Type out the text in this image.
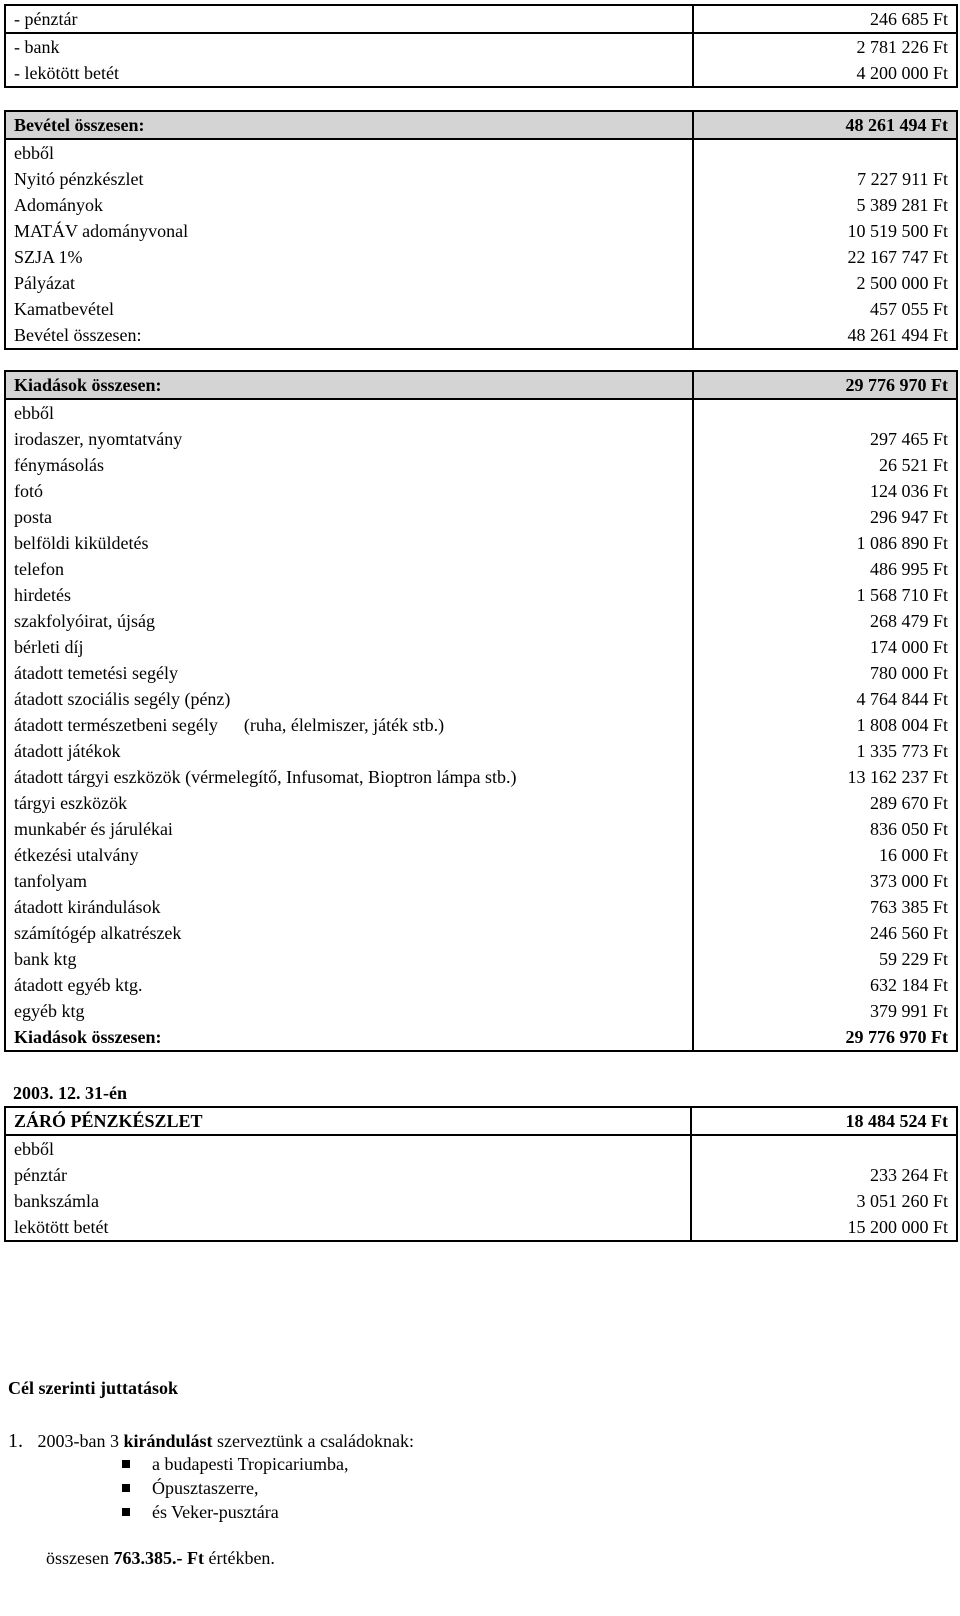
- pénztár	246 685 Ft
- bank	2 781 226 Ft
- lekötött betét	4 200 000 Ft
Bevétel összesen:	48 261 494 Ft
ebből	
Nyitó pénzkészlet	7 227 911 Ft
Adományok	5 389 281 Ft
MATÁV adományvonal	10 519 500 Ft
SZJA 1%	22 167 747 Ft
Pályázat	2 500 000 Ft
Kamatbevétel	457 055 Ft
Bevétel összesen:	48 261 494 Ft
Kiadások összesen:	29 776 970 Ft
ebből	
irodaszer, nyomtatvány	297 465 Ft
fénymásolás	26 521 Ft
fotó	124 036 Ft
posta	296 947 Ft
belföldi kiküldetés	1 086 890 Ft
telefon	486 995 Ft
hirdetés	1 568 710 Ft
szakfolyóirat, újság	268 479 Ft
bérleti díj	174 000 Ft
átadott temetési segély	780 000 Ft
átadott szociális segély (pénz)	4 764 844 Ft
átadott természetbeni segély (ruha, élelmiszer, játék stb.)	1 808 004 Ft
átadott játékok	1 335 773 Ft
átadott tárgyi eszközök (vérmelegítő, Infusomat, Bioptron lámpa stb.)	13 162 237 Ft
tárgyi eszközök	289 670 Ft
munkabér és járulékai	836 050 Ft
étkezési utalvány	16 000 Ft
tanfolyam	373 000 Ft
átadott kirándulások	763 385 Ft
számítógép alkatrészek	246 560 Ft
bank ktg	59 229 Ft
átadott egyéb ktg.	632 184 Ft
egyéb ktg	379 991 Ft
Kiadások összesen:	29 776 970 Ft
2003. 12. 31-én	
ZÁRÓ PÉNZKÉSZLET	18 484 524 Ft
ebből	
pénztár	233 264 Ft
bankszámla	3 051 260 Ft
lekötött betét	15 200 000 Ft
Cél szerinti juttatások
1. 2003-ban 3 kirándulást szerveztünk a családoknak:
a budapesti Tropicariumba,
Ópusztaszerre,
és Veker-pusztára
összesen 763.385.- Ft értékben.
